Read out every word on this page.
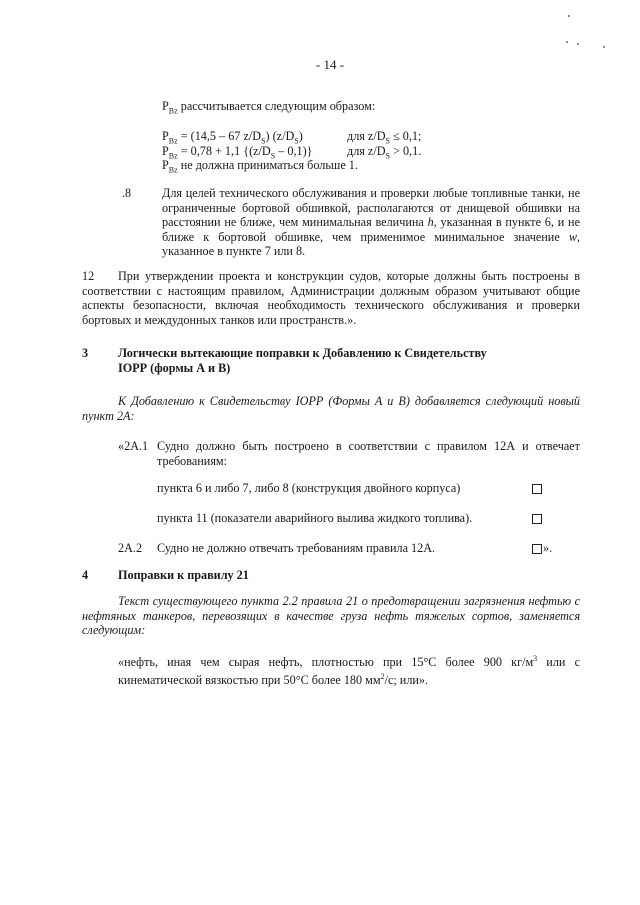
- 14 -
$P_{Bz}$ рассчитывается следующим образом:
$P_{Bz} = (14,5 - 67$ $z/D_S$) $(z/D_S)$	для $z/D_S \le 0,1$;
$P_{Bz} = 0,78 + 1,1$ $\{(z/D_S - 0,1)\}$	для $z/D_S > 0,1$.
$P_{Bz}$ не должна приниматься больше 1.
.8	Для целей технического обслуживания и проверки любые топливные танки, не ограниченные бортовой обшивкой, располагаются от днищевой обшивки на расстоянии не ближе, чем минимальная величина h, указанная в пункте 6, и не ближе к бортовой обшивке, чем применимое минимальное значение w, указанное в пункте 7 или 8.
12	При утверждении проекта и конструкции судов, которые должны быть построены в соответствии с настоящим правилом, Администрации должным образом учитывают общие аспекты безопасности, включая необходимость технического обслуживания и проверки бортовых и междудонных танков или пространств.».
3 Логически вытекающие поправки к Добавлению к Свидетельству ІОРР (формы А и В)
К Добавлению к Свидетельству ІОРР (Формы А и В) добавляется следующий новый пункт 2А:
«2А.1 Судно должно быть построено в соответствии с правилом 12А и отвечает требованиям:
пункта 6 и либо 7, либо 8 (конструкция двойного корпуса)
пункта 11 (показатели аварийного вылива жидкого топлива).
2А.2 Судно не должно отвечать требованиям правила 12А.	».
4 Поправки к правилу 21
Текст существующего пункта 2.2 правила 21 о предотвращении загрязнения нефтью с нефтяных танкеров, перевозящих в качестве груза нефть тяжелых сортов, заменяется следующим:
«нефть, иная чем сырая нефть, плотностью при 15°C более 900 $кг/м^3$ или с кинематической вязкостью при 50°C более 180 $мм^2/с$; или».
